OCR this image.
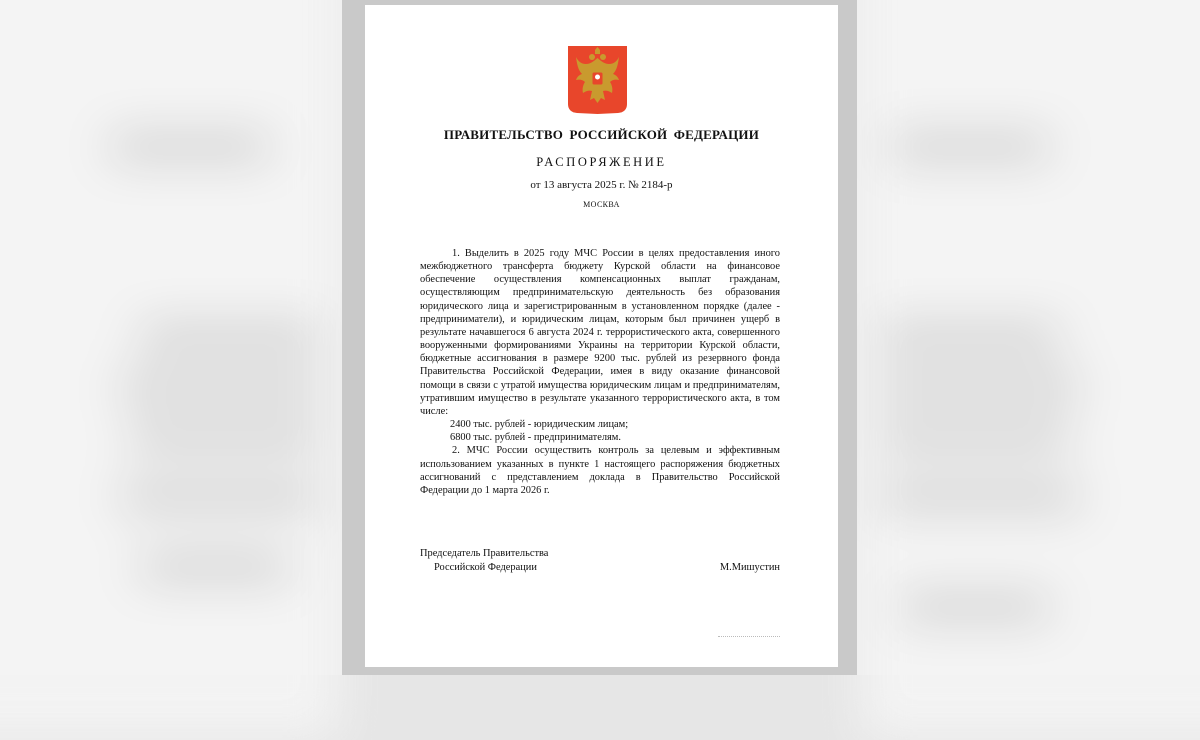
ПРАВИТЕЛЬСТВО РОССИЙСКОЙ ФЕДЕРАЦИИ
РАСПОРЯЖЕНИЕ
от 13 августа 2025 г. № 2184-р
МОСКВА

1. Выделить в 2025 году МЧС России в целях предоставления иного межбюджетного трансферта бюджету Курской области на финансовое обеспечение осуществления компенсационных выплат гражданам, осуществляющим предпринимательскую деятельность без образования юридического лица и зарегистрированным в установленном порядке (далее - предприниматели), и юридическим лицам, которым был причинен ущерб в результате начавшегося 6 августа 2024 г. террористического акта, совершенного вооруженными формированиями Украины на территории Курской области, бюджетные ассигнования в размере 9200 тыс. рублей из резервного фонда Правительства Российской Федерации, имея в виду оказание финансовой помощи в связи с утратой имущества юридическим лицам и предпринимателям, утратившим имущество в результате указанного террористического акта, в том числе:

2400 тыс. рублей - юридическим лицам;

6800 тыс. рублей - предпринимателям.

2. МЧС России осуществить контроль за целевым и эффективным использованием указанных в пункте 1 настоящего распоряжения бюджетных ассигнований с представлением доклада в Правительство Российской Федерации до 1 марта 2026 г.

Председатель Правительства
Российской Федерации	М.Мишустин
